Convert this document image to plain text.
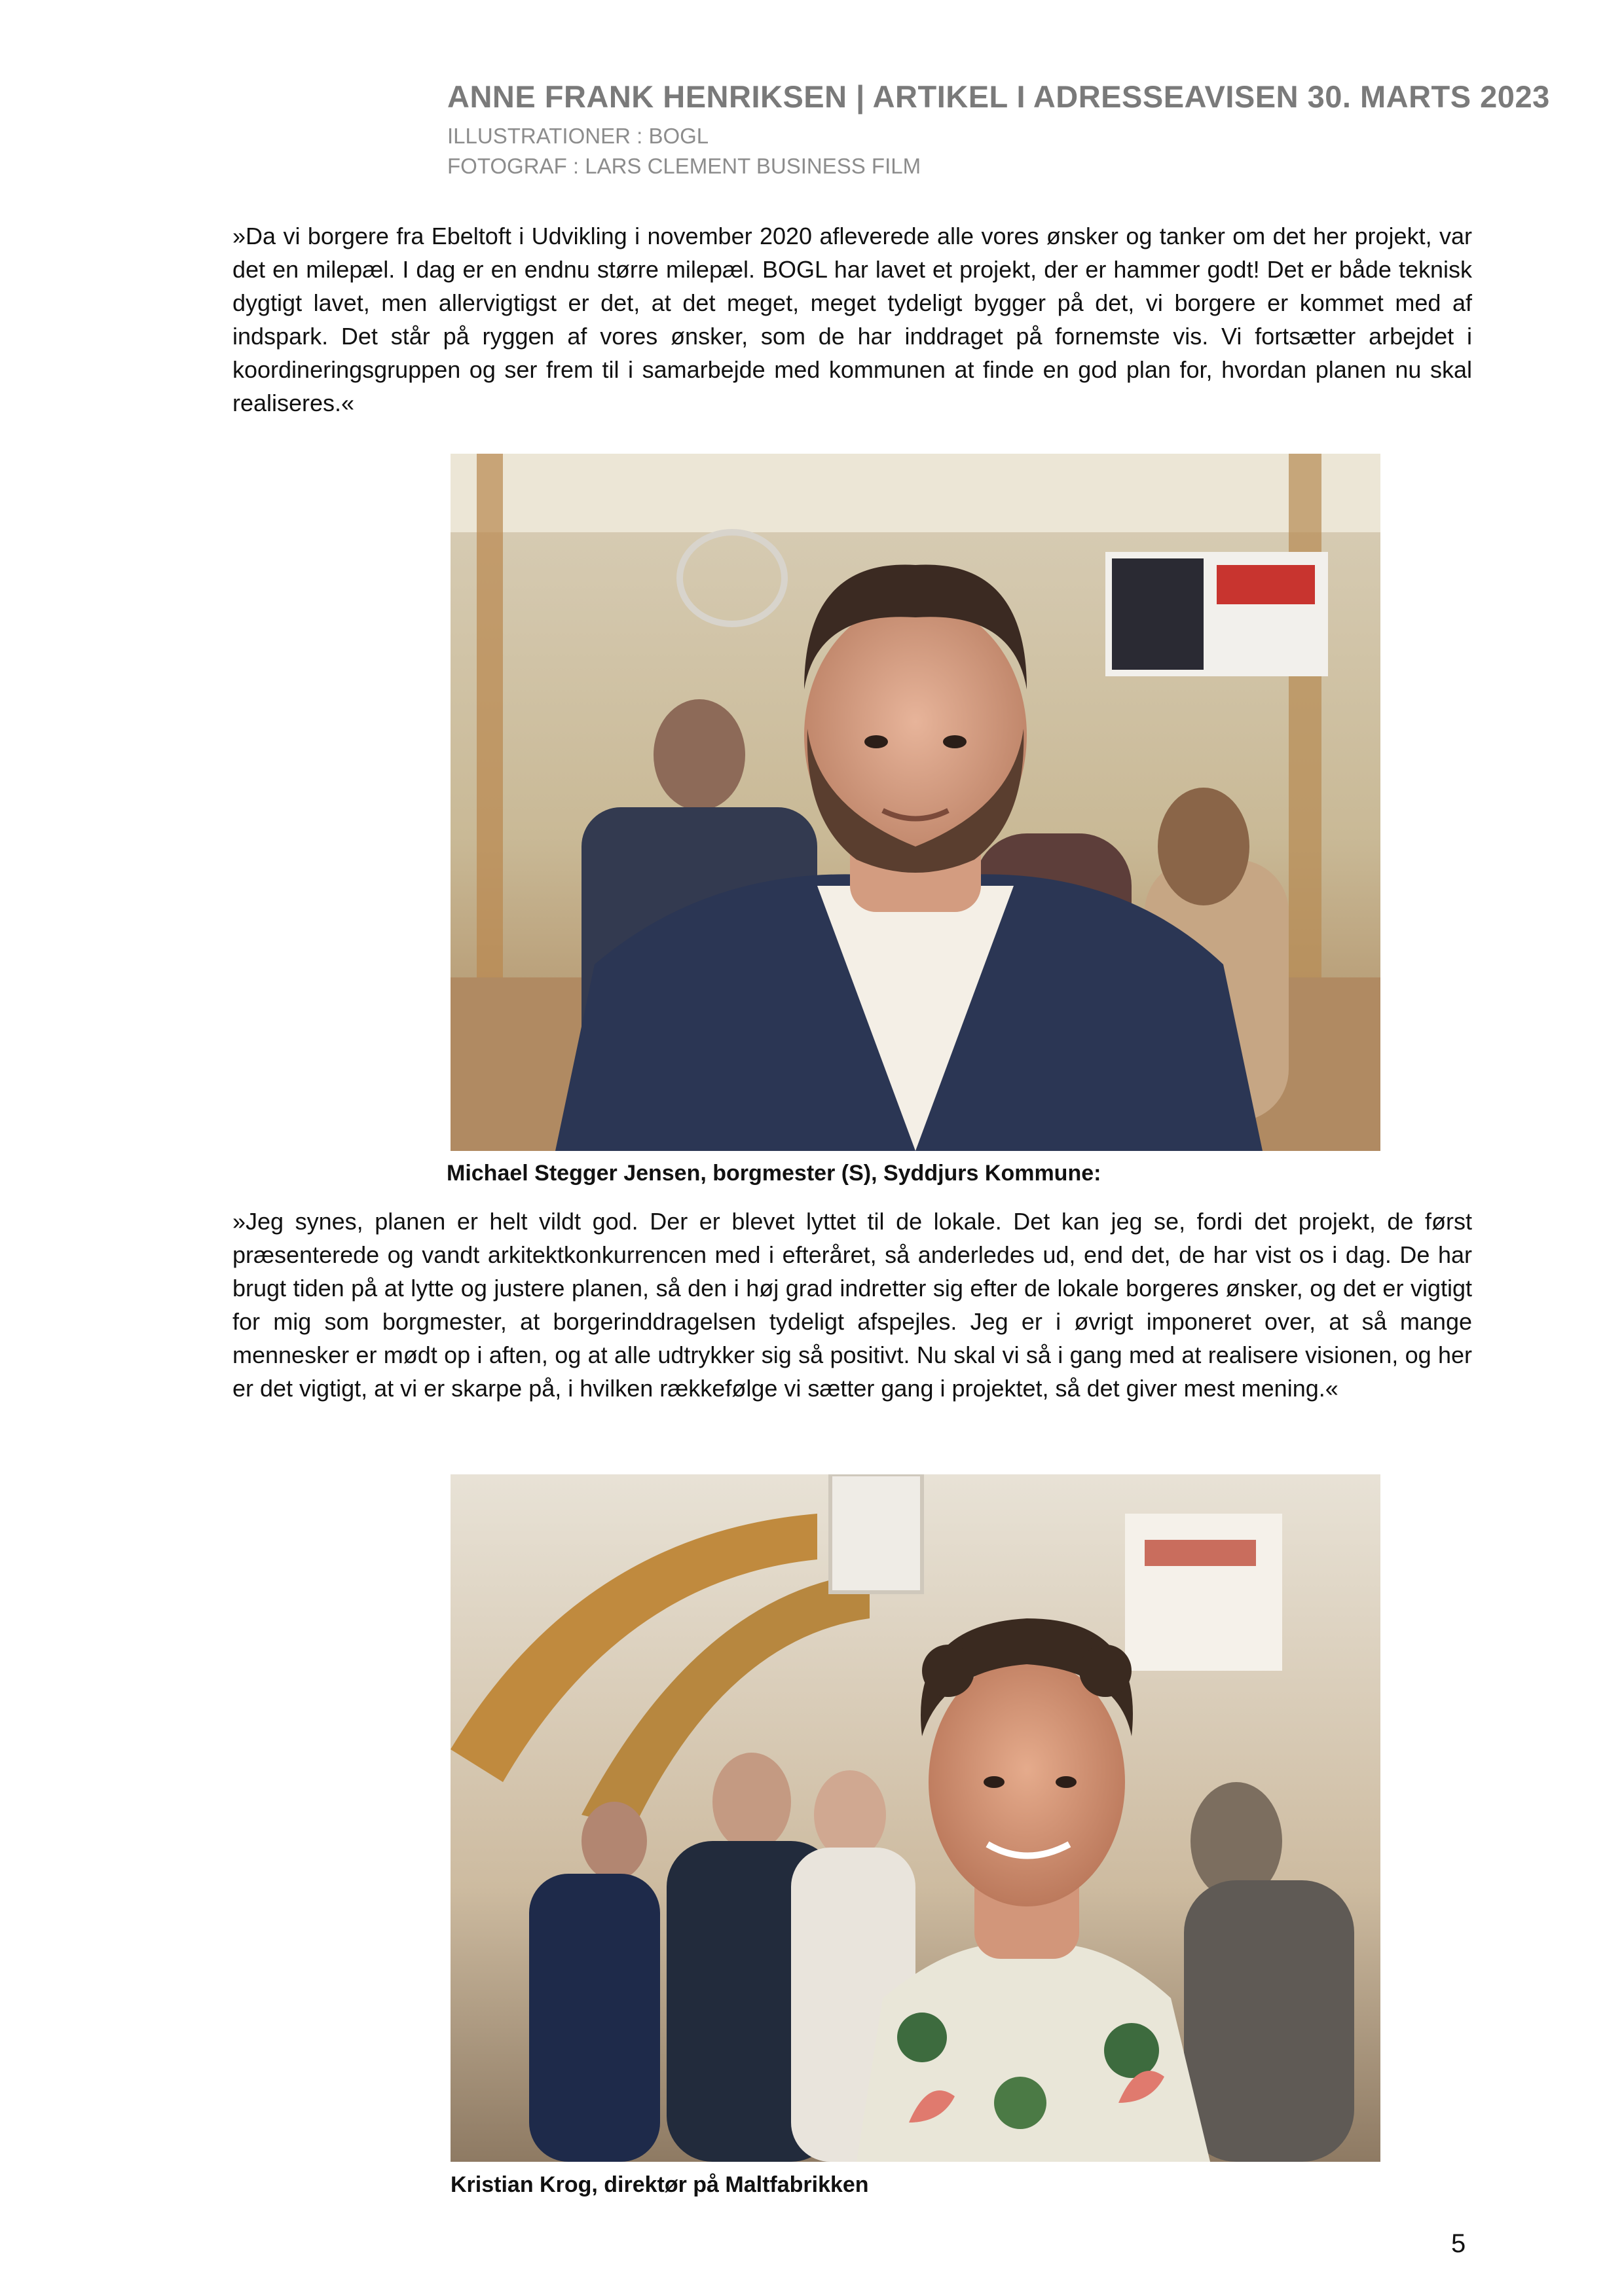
ANNE FRANK HENRIKSEN | ARTIKEL I ADRESSEAVISEN 30. MARTS 2023
ILLUSTRATIONER : BOGL
FOTOGRAF : LARS CLEMENT BUSINESS FILM

»Da vi borgere fra Ebeltoft i Udvikling i november 2020 afleverede alle vores ønsker og tanker om det her projekt, var det en milepæl. I dag er en endnu større milepæl. BOGL har lavet et projekt, der er hammer godt! Det er både teknisk dygtigt lavet, men allervigtigst er det, at det meget, meget tydeligt bygger på det, vi borgere er kommet med af indspark. Det står på ryggen af vores ønsker, som de har inddraget på fornemste vis. Vi fortsætter arbejdet i koordineringsgruppen og ser frem til i samarbejde med kommunen at finde en god plan for, hvordan planen nu skal realiseres.«

Michael Stegger Jensen, borgmester (S), Syddjurs Kommune:

»Jeg synes, planen er helt vildt god. Der er blevet lyttet til de lokale. Det kan jeg se, fordi det projekt, de først præsenterede og vandt arkitektkonkurrencen med i efteråret, så anderledes ud, end det, de har vist os i dag. De har brugt tiden på at lytte og justere planen, så den i høj grad indretter sig efter de lokale borgeres ønsker, og det er vigtigt for mig som borgmester, at borgerinddragelsen tydeligt afspejles. Jeg er i øvrigt imponeret over, at så mange mennesker er mødt op i aften, og at alle udtrykker sig så positivt. Nu skal vi så i gang med at realisere visionen, og her er det vigtigt, at vi er skarpe på, i hvilken rækkefølge vi sætter gang i projektet, så det giver mest mening.«

Kristian Krog, direktør på Maltfabrikken
5
